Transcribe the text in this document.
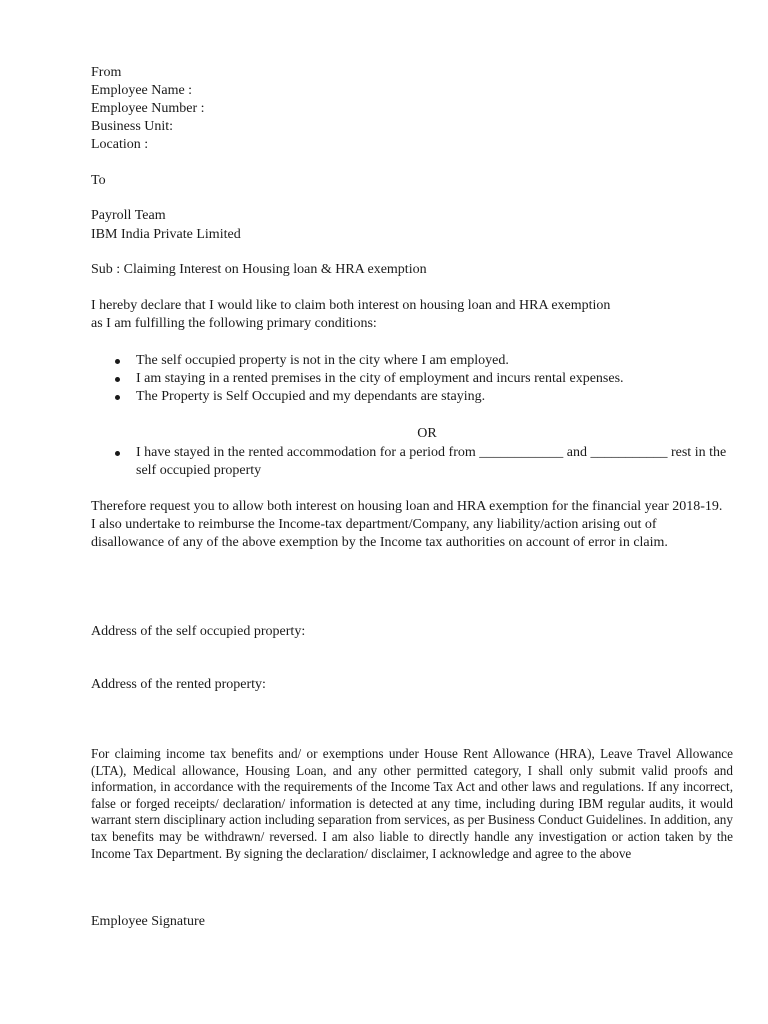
From
Employee Name :
Employee Number :
Business Unit:
Location :
To
Payroll Team
IBM India Private Limited
Sub : Claiming Interest on Housing loan & HRA exemption
I hereby declare that I would like to claim both interest on housing loan and HRA exemption as I am fulfilling the following primary conditions:
The self occupied property is not in the city where I am employed.
I am staying in a rented premises in the city of employment and incurs rental expenses.
The Property is Self Occupied and my dependants are staying.
OR
I have stayed in the rented accommodation for a period from ____________ and ___________ rest in the self occupied property
Therefore request you to allow both interest on housing loan and HRA exemption for the financial year 2018-19. I also undertake to reimburse the Income-tax department/Company, any liability/action arising out of disallowance of any of the above exemption by the Income tax authorities on account of error in claim.
Address of the self occupied property:
Address of the rented property:
For claiming income tax benefits and/ or exemptions under House Rent Allowance (HRA), Leave Travel Allowance (LTA), Medical allowance, Housing Loan, and any other permitted category, I shall only submit valid proofs and information, in accordance with the requirements of the Income Tax Act and other laws and regulations. If any incorrect, false or forged receipts/ declaration/ information is detected at any time, including during IBM regular audits, it would warrant stern disciplinary action including separation from services, as per Business Conduct Guidelines. In addition, any tax benefits may be withdrawn/ reversed. I am also liable to directly handle any investigation or action taken by the Income Tax Department. By signing the declaration/ disclaimer, I acknowledge and agree to the above
Employee Signature
